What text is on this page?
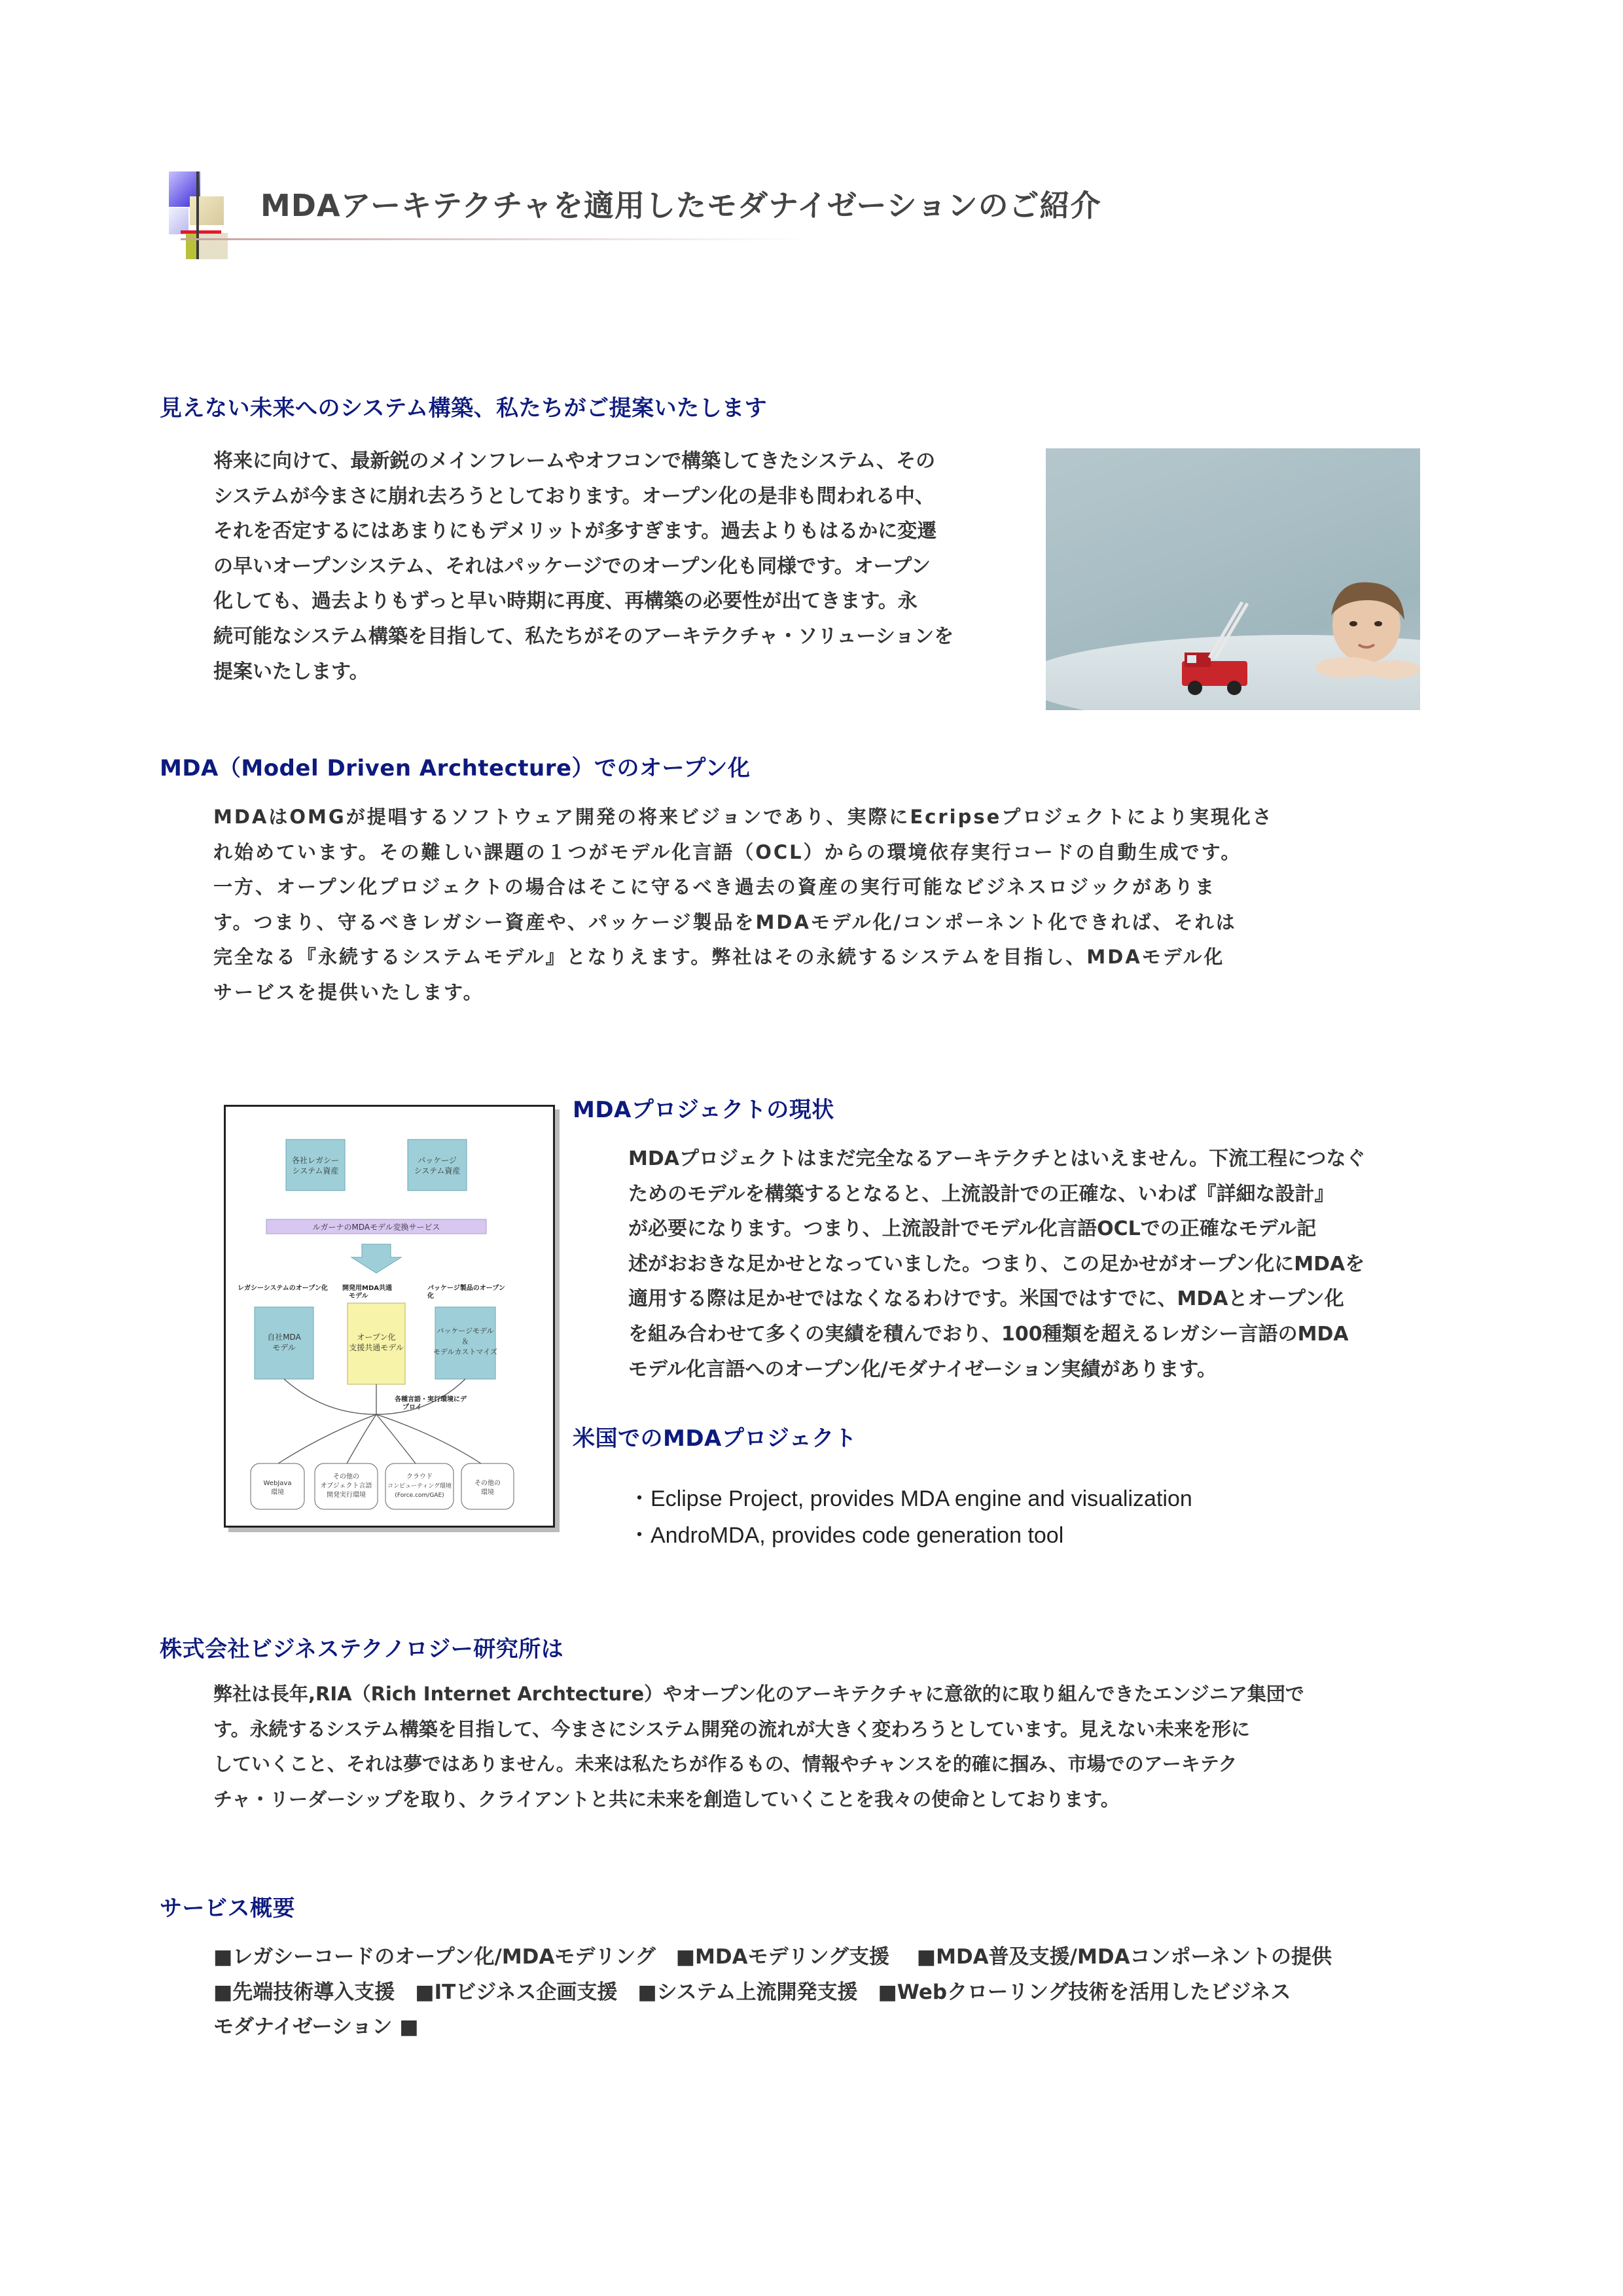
MDAアーキテクチャを適用したモダナイゼーションのご紹介
見えない未来へのシステム構築、私たちがご提案いたします
将来に向けて、最新鋭のメインフレームやオフコンで構築してきたシステム、その
システムが今まさに崩れ去ろうとしております。オープン化の是非も問われる中、
それを否定するにはあまりにもデメリットが多すぎます。過去よりもはるかに変遷
の早いオープンシステム、それはパッケージでのオープン化も同様です。オープン
化しても、過去よりもずっと早い時期に再度、再構築の必要性が出てきます。永
続可能なシステム構築を目指して、私たちがそのアーキテクチャ・ソリューションを
提案いたします。
MDA（Model Driven Archtecture）でのオープン化
MDAはOMGが提唱するソフトウェア開発の将来ビジョンであり、実際にEcripseプロジェクトにより実現化さ
れ始めています。その難しい課題の１つがモデル化言語（OCL）からの環境依存実行コードの自動生成です。
一方、オープン化プロジェクトの場合はそこに守るべき過去の資産の実行可能なビジネスロジックがありま
す。つまり、守るべきレガシー資産や、パッケージ製品をMDAモデル化/コンポーネント化できれば、それは
完全なる『永続するシステムモデル』となりえます。弊社はその永続するシステムを目指し、MDAモデル化
サービスを提供いたします。
各社レガシー
システム資産
パッケージ
システム資産
ルガーナのMDAモデル変換サービス
レガシーシステムのオープン化 開発用MDA共通
モデル
パッケージ製品のオープン
化
自社MDA
モデル
オープン化
支援共通モデル
パッケージモデル
＆
モデルカストマイズ
各種言語・実行環境にデ
プロイ
WebJava
環境
その他の
オブジェクト言語
開発実行環境
クラウド
コンピューティング環境
(Force.com/GAE)
その他の
環境
MDAプロジェクトの現状
MDAプロジェクトはまだ完全なるアーキテクチとはいえません。下流工程につなぐ
ためのモデルを構築するとなると、上流設計での正確な、いわば『詳細な設計』
が必要になります。つまり、上流設計でモデル化言語OCLでの正確なモデル記
述がおおきな足かせとなっていました。つまり、この足かせがオープン化にMDAを
適用する際は足かせではなくなるわけです。米国ではすでに、MDAとオープン化
を組み合わせて多くの実績を積んでおり、100種類を超えるレガシー言語のMDA
モデル化言語へのオープン化/モダナイゼーション実績があります。
米国でのMDAプロジェクト
・Eclipse Project, provides MDA engine and visualization
・AndroMDA, provides code generation tool
株式会社ビジネステクノロジー研究所は
弊社は長年,RIA（Rich Internet Archtecture）やオープン化のアーキテクチャに意欲的に取り組んできたエンジニア集団で
す。永続するシステム構築を目指して、今まさにシステム開発の流れが大きく変わろうとしています。見えない未来を形に
していくこと、それは夢ではありません。未来は私たちが作るもの、情報やチャンスを的確に掴み、市場でのアーキテク
チャ・リーダーシップを取り、クライアントと共に未来を創造していくことを我々の使命としております。
サービス概要
■レガシーコードのオープン化/MDAモデリング　■MDAモデリング支援　 ■MDA普及支援/MDAコンポーネントの提供
■先端技術導入支援　■ITビジネス企画支援　■システム上流開発支援　■Webクローリング技術を活用したビジネス
モダナイゼーション ■
